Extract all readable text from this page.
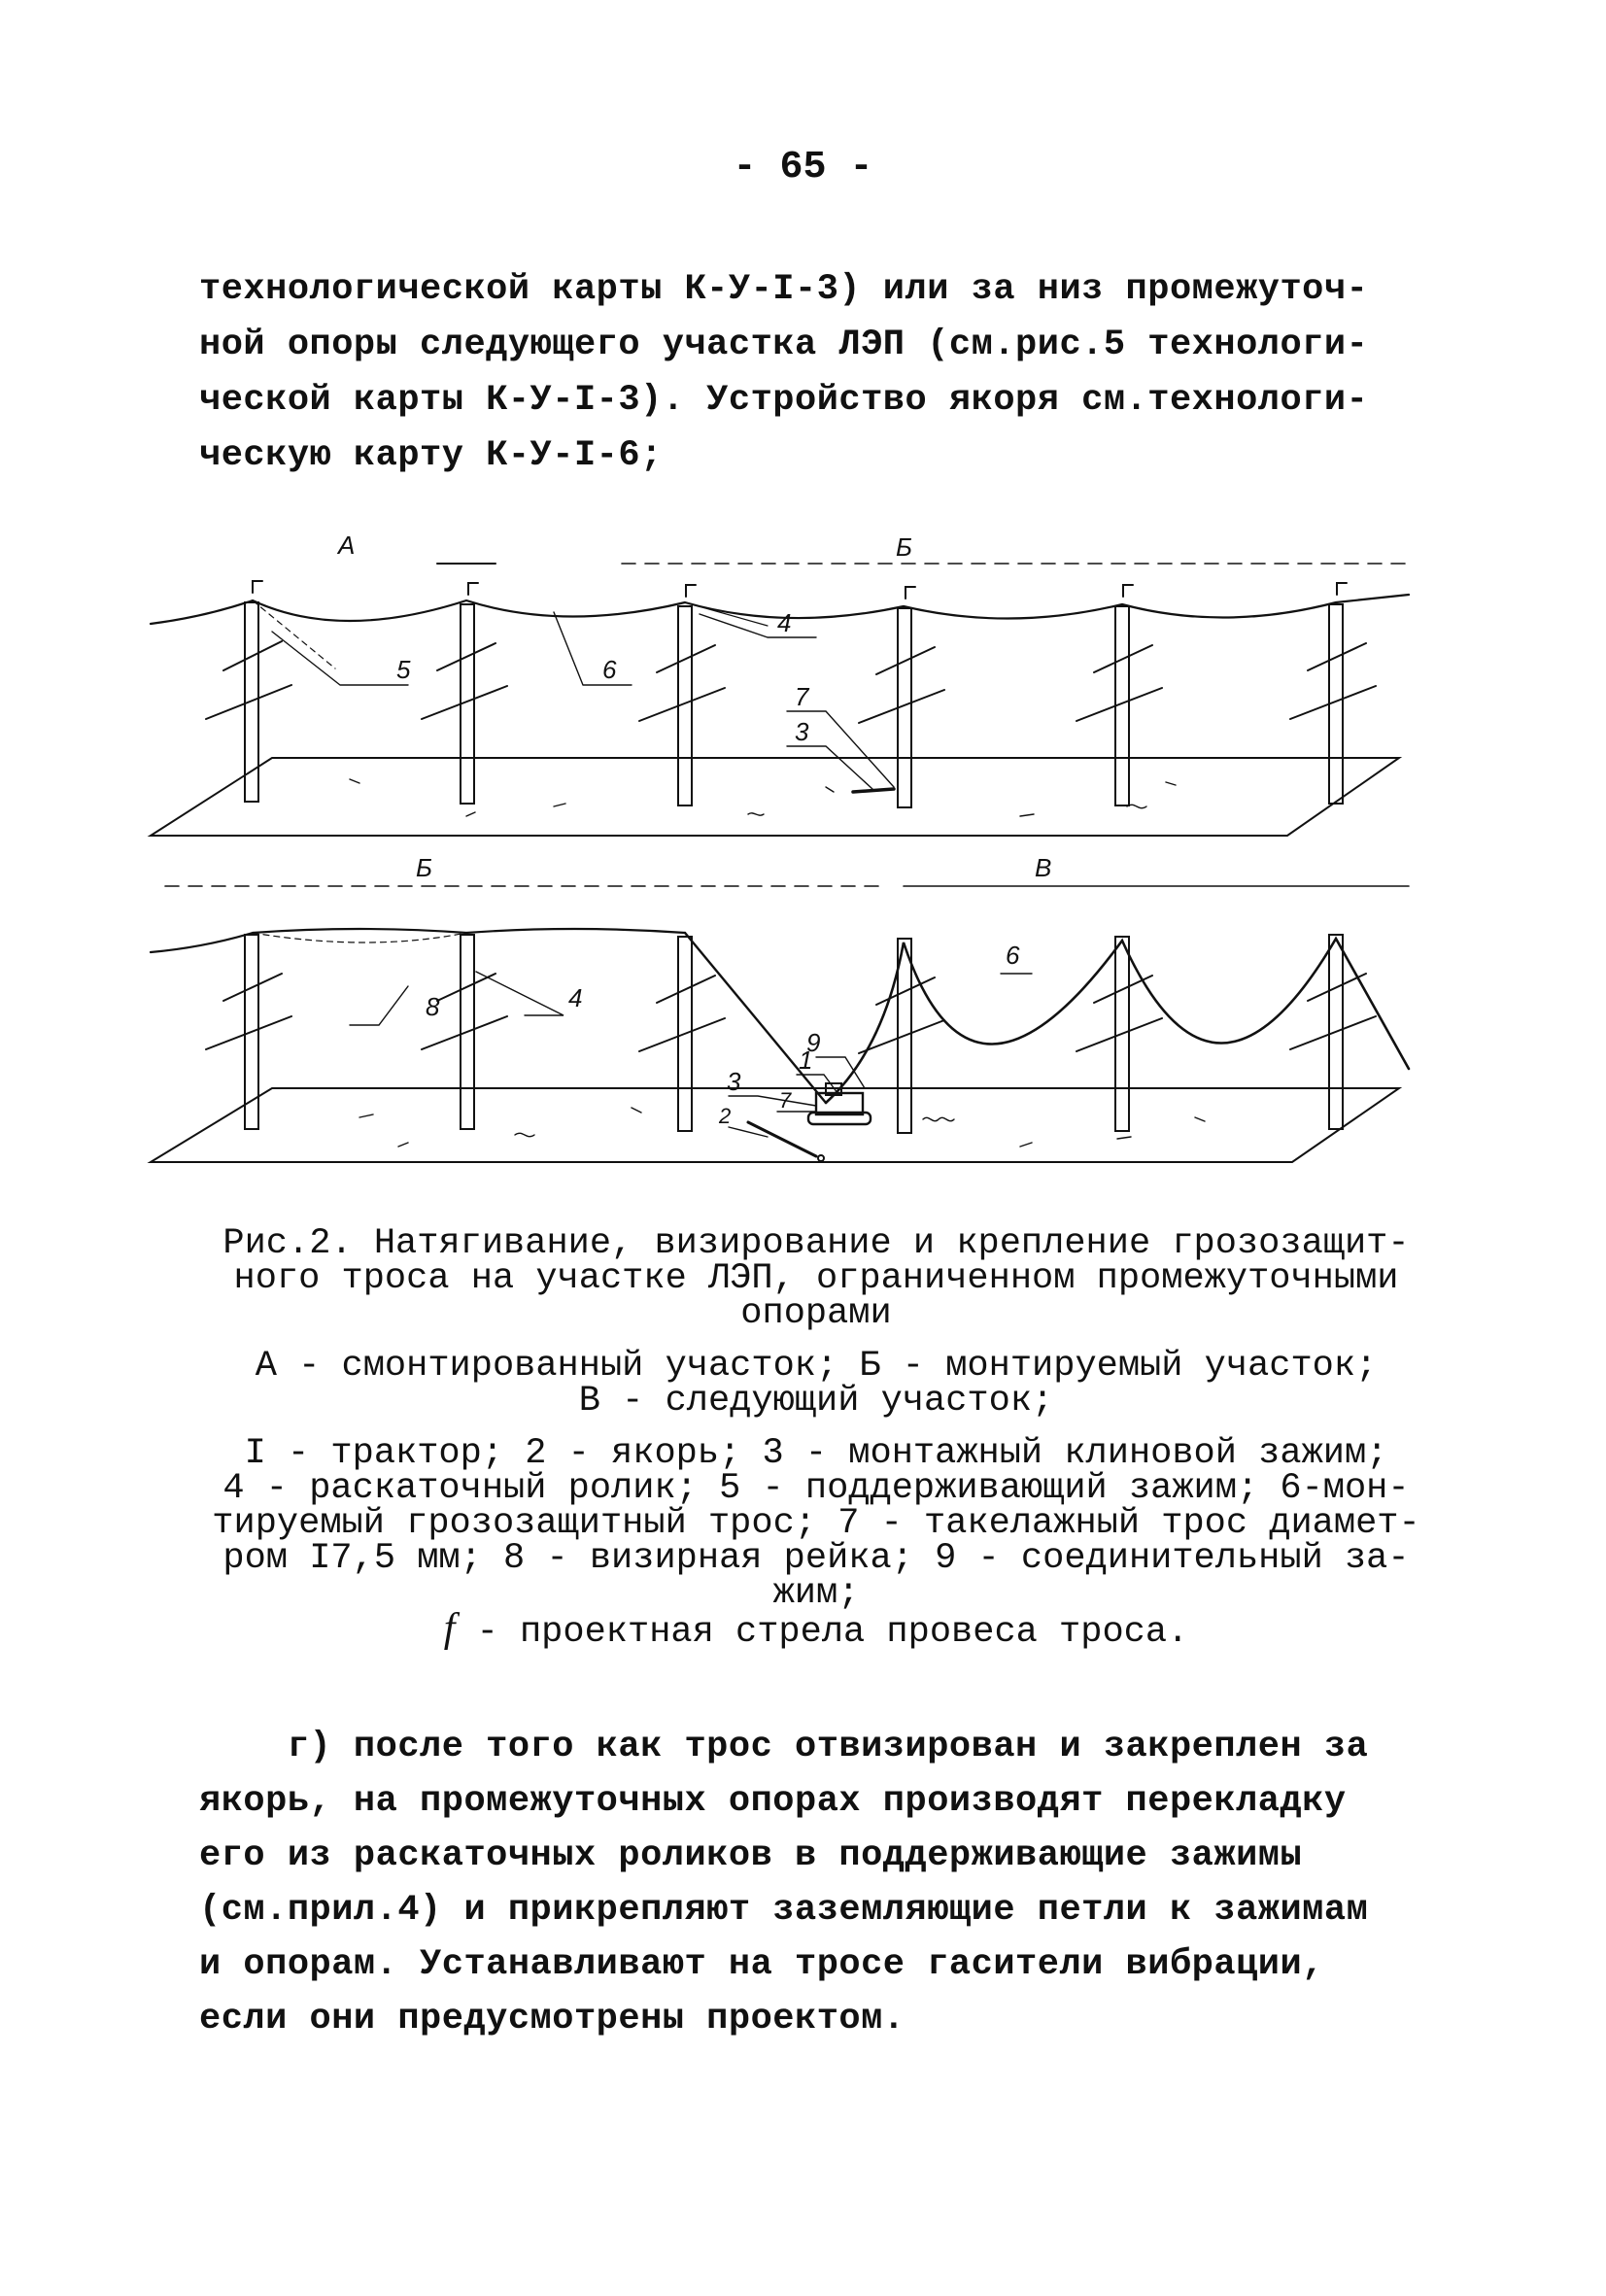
- 65 -

технологической карты К-У-I-3) или за низ промежуточ-

ной опоры следующего участка ЛЭП (см.рис.5 технологи-

ческой карты К-У-I-3). Устройство якоря см.технологи-

ческую карту К-У-I-6;

А	Б
5	6
4
7
3
Б	В
8	4
9
1
3
7
2
6

Рис.2. Натягивание, визирование и крепление грозозащит-

ного троса на участке ЛЭП, ограниченном промежуточными

опорами

А - смонтированный участок; Б - монтируемый участок;

В - следующий участок;

I - трактор; 2 - якорь; 3 - монтажный клиновой зажим;

4 - раскаточный ролик; 5 - поддерживающий зажим; 6-мон-

тируемый грозозащитный трос; 7 - такелажный трос диамет-

ром I7,5 мм; 8 - визирная рейка; 9 - соединительный за-

жим;

f - проектная стрела провеса троса.

г) после того как трос отвизирован и закреплен за

якорь, на промежуточных опорах производят перекладку

его из раскаточных роликов в поддерживающие зажимы

(см.прил.4) и прикрепляют заземляющие петли к зажимам

и опорам. Устанавливают на тросе гасители вибрации,

если они предусмотрены проектом.
